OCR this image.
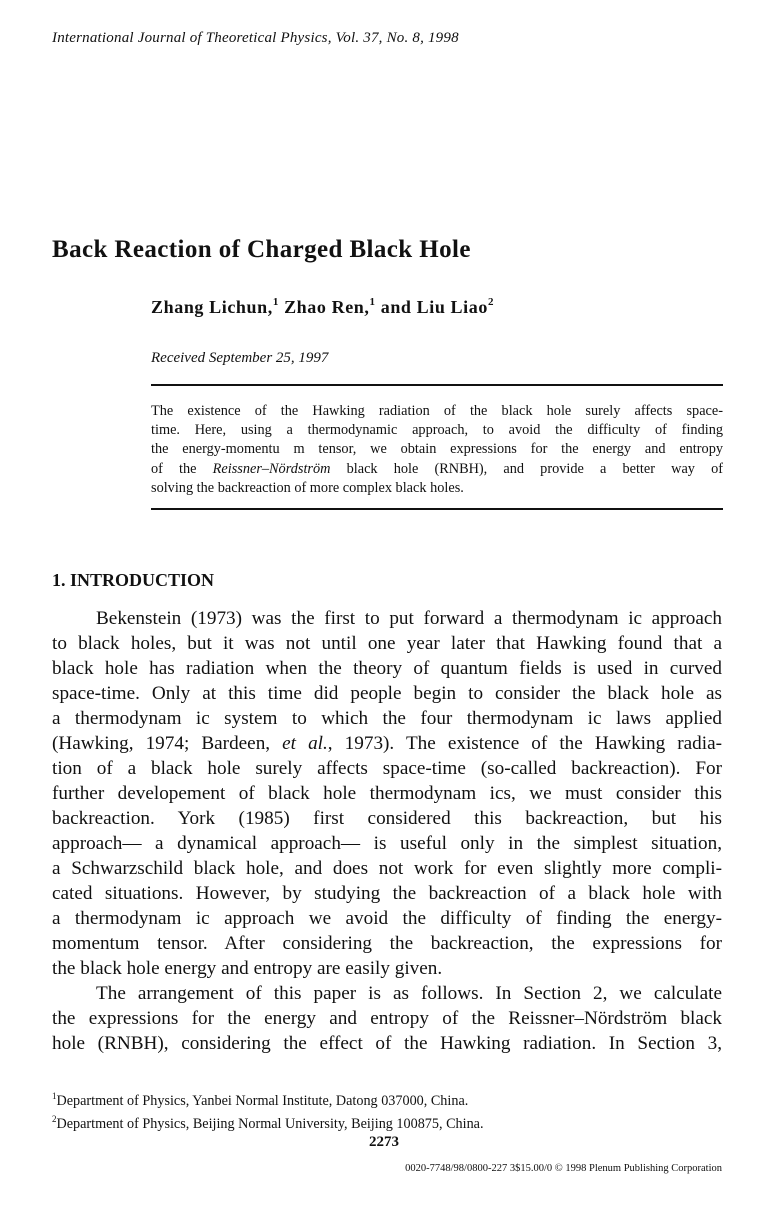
International Journal of Theoretical Physics, Vol. 37, No. 8, 1998
Back Reaction of Charged Black Hole
Zhang Lichun,$^1$ Zhao Ren,$^1$ and Liu Liao$^2$
Received September 25, 1997
The existence of the Hawking radiation of the black hole surely affects space-
time. Here, using a thermodynamic approach, to avoid the difficulty of finding
the energy-momentu m tensor, we obtain expressions for the energy and entropy
of the Reissner–Nördström black hole (RNBH), and provide a better way of
solving the backreaction of more complex black holes.
1. INTRODUCTION
Bekenstein (1973) was the first to put forward a thermodynam ic approach
to black holes, but it was not until one year later that Hawking found that a
black hole has radiation when the theory of quantum fields is used in curved
space-time. Only at this time did people begin to consider the black hole as
a thermodynam ic system to which the four thermodynam ic laws applied
(Hawking, 1974; Bardeen, et al., 1973). The existence of the Hawking radia-
tion of a black hole surely affects space-time (so-called backreaction). For
further developement of black hole thermodynam ics, we must consider this
backreaction. York (1985) first considered this backreaction, but his
approach— a dynamical approach— is useful only in the simplest situation,
a Schwarzschild black hole, and does not work for even slightly more compli-
cated situations. However, by studying the backreaction of a black hole with
a thermodynam ic approach we avoid the difficulty of finding the energy-
momentum tensor. After considering the backreaction, the expressions for
the black hole energy and entropy are easily given.
The arrangement of this paper is as follows. In Section 2, we calculate
the expressions for the energy and entropy of the Reissner–Nördström black
hole (RNBH), considering the effect of the Hawking radiation. In Section 3,
$^1$Department of Physics, Yanbei Normal Institute, Datong 037000, China.
$^2$Department of Physics, Beijing Normal University, Beijing 100875, China.
2273
0020-7748/98/0800-227 3$15.00/0 © 1998 Plenum Publishing Corporation
